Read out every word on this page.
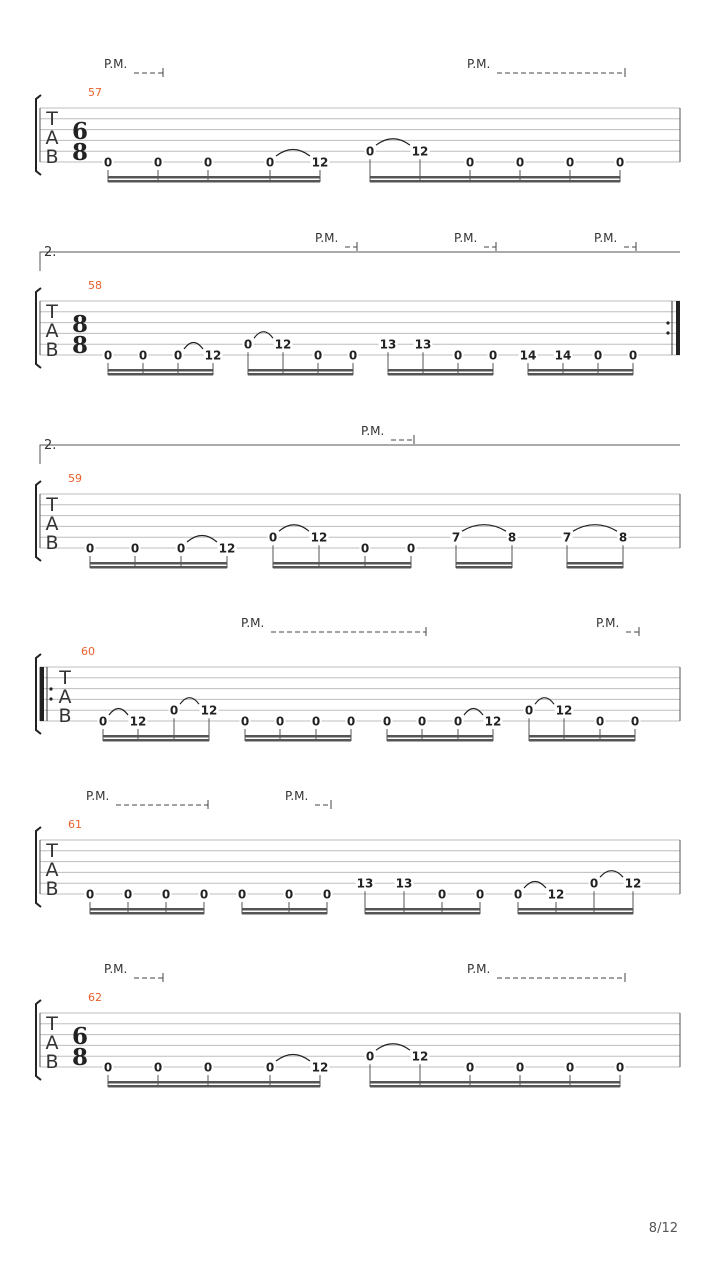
T
A
B
6
8
57
P.M.	P.M.
0	0	0	0	12
0	12
0	0	0	0
T
A
B
8
8
58
2.
P.M.	P.M.	P.M.
0 0 0 12
0 12
0 0
13 13
0 0 14 14 0 0
T
A
B
59
2.
P.M.
0	0	0	12
0	12
0	0
7	8	7	8
T
A
B
60
P.M.	P.M.
0 12
0 12
0 0 0 0 0 0 0 12
0 12
0 0
T
A
B
61
P.M.	P.M.
0 0 0 0 0	0 0
13 13
0 0 0 12
0 12
T
A
B
6
8
62
P.M.	P.M.
0	0	0	0	12
0	12
0	0	0	0
8/12
